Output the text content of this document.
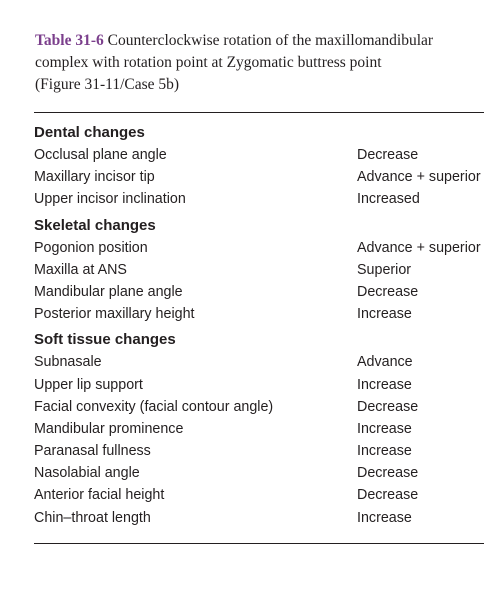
Table 31-6 Counterclockwise rotation of the maxillomandibular
complex with rotation point at Zygomatic buttress point
(Figure 31-11/Case 5b)
Dental changes
Occlusal plane angle	Decrease
Maxillary incisor tip	Advance + superior
Upper incisor inclination	Increased
Skeletal changes
Pogonion position	Advance + superior
Maxilla at ANS	Superior
Mandibular plane angle	Decrease
Posterior maxillary height	Increase
Soft tissue changes
Subnasale	Advance
Upper lip support	Increase
Facial convexity (facial contour angle)	Decrease
Mandibular prominence	Increase
Paranasal fullness	Increase
Nasolabial angle	Decrease
Anterior facial height	Decrease
Chin–throat length	Increase
